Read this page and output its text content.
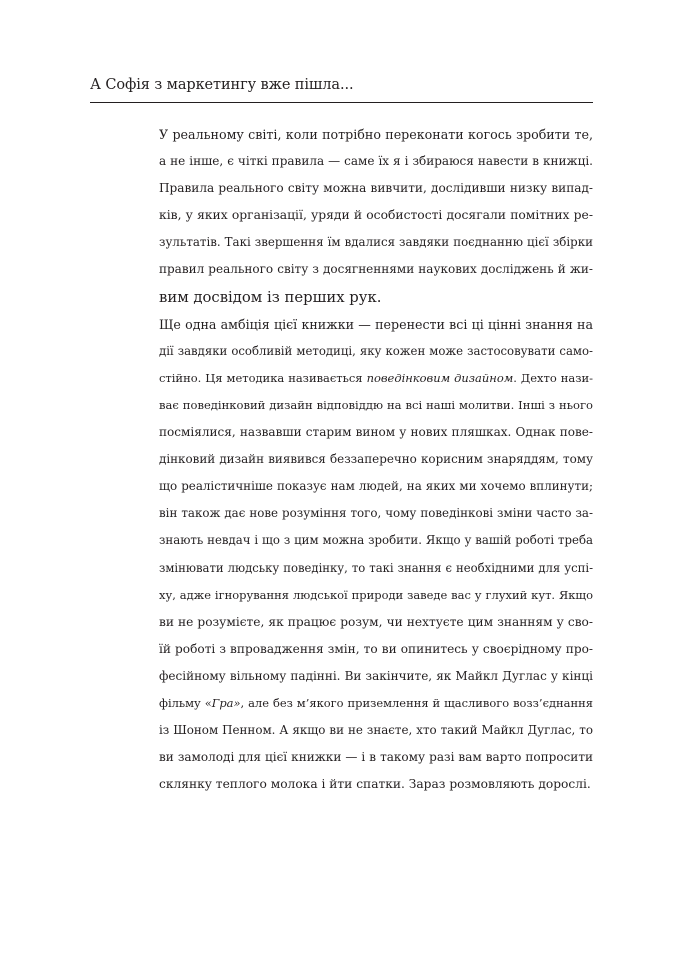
А Софія з маркетингу вже пішла...
У реальному світі, коли потрібно переконати когось зробити те,
а не інше, є чіткі правила — саме їх я і збираюся навести в книжці.
Правила реального світу можна вивчити, дослідивши низку випад-
ків, у яких організації, уряди й особистості досягали помітних ре-
зультатів. Такі звершення їм вдалися завдяки поєднанню цієї збірки
правил реального світу з досягненнями наукових досліджень й жи-
вим досвідом із перших рук.
Ще одна амбіція цієї книжки — перенести всі ці цінні знання на
дії завдяки особливій методиці, яку кожен може застосовувати само-
стійно. Ця методика називається поведінковим дизайном. Дехто нази-
ває поведінковий дизайн відповіддю на всі наші молитви. Інші з нього
посміялися, назвавши старим вином у нових пляшках. Однак пове-
дінковий дизайн виявився беззаперечно корисним знаряддям, тому
що реалістичніше показує нам людей, на яких ми хочемо вплинути;
він також дає нове розуміння того, чому поведінкові зміни часто за-
знають невдач і що з цим можна зробити. Якщо у вашій роботі треба
змінювати людську поведінку, то такі знання є необхідними для успі-
ху, адже ігнорування людської природи заведе вас у глухий кут. Якщо
ви не розумієте, як працює розум, чи нехтуєте цим знанням у сво-
їй роботі з впровадження змін, то ви опинитесь у своєрідному про-
фесійному вільному падінні. Ви закінчите, як Майкл Дуглас у кінці
фільму «Гра», але без м’якого приземлення й щасливого возз’єднання
із Шоном Пенном. А якщо ви не знаєте, хто такий Майкл Дуглас, то
ви замолоді для цієї книжки — і в такому разі вам варто попросити
склянку теплого молока і йти спатки. Зараз розмовляють дорослі.
